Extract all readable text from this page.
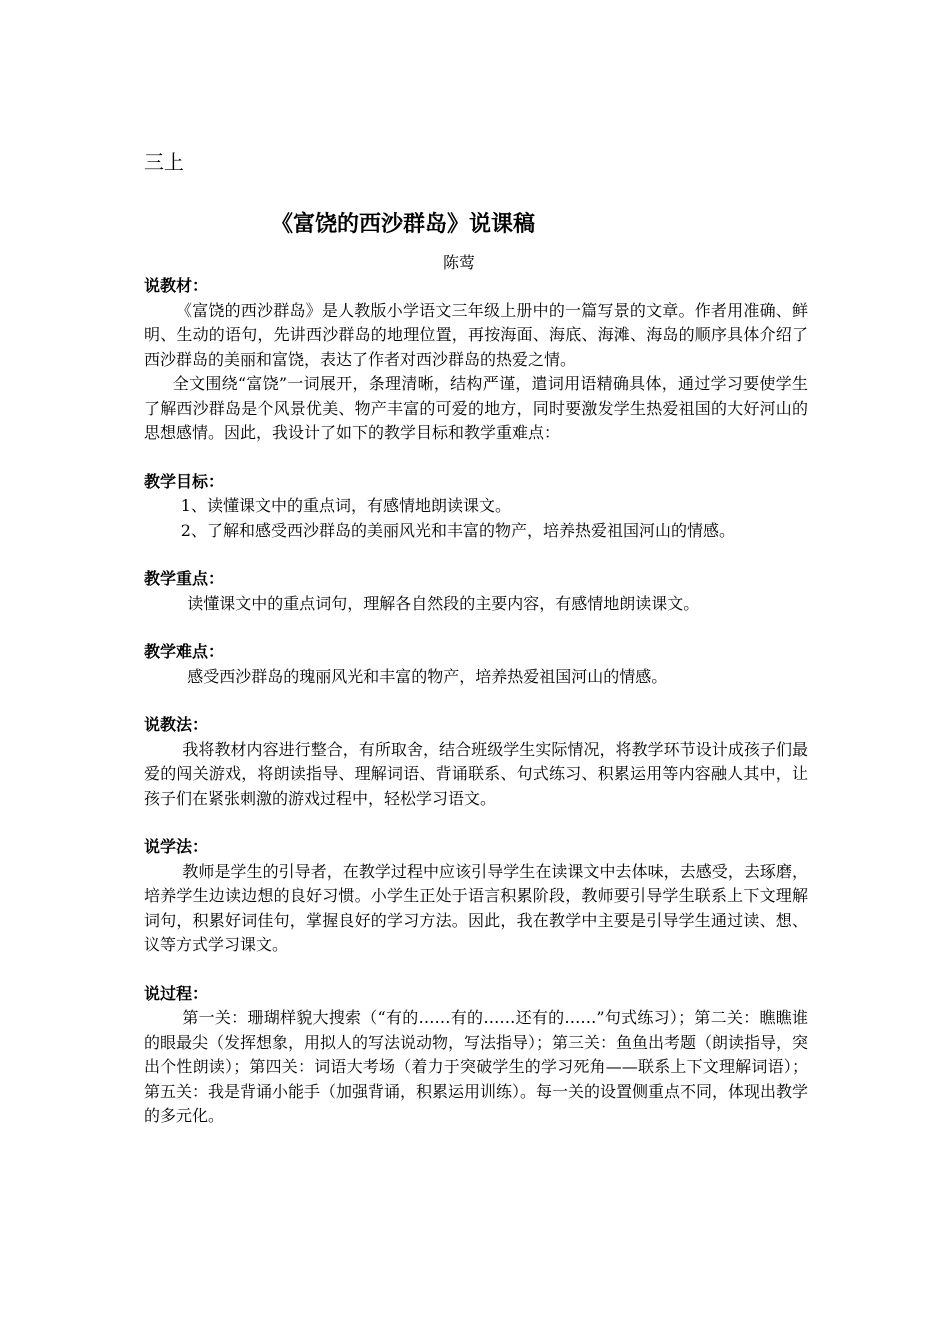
三上
《富饶的西沙群岛》说课稿
陈莺

说教材：

《富饶的西沙群岛》是人教版小学语文三年级上册中的一篇写景的文章。作者用准确、鲜明、生动的语句，先讲西沙群岛的地理位置，再按海面、海底、海滩、海岛的顺序具体介绍了西沙群岛的美丽和富饶，表达了作者对西沙群岛的热爱之情。

全文围绕“富饶”一词展开，条理清晰，结构严谨，遣词用语精确具体，通过学习要使学生了解西沙群岛是个风景优美、物产丰富的可爱的地方，同时要激发学生热爱祖国的大好河山的思想感情。因此，我设计了如下的教学目标和教学重难点：

教学目标：

1、读懂课文中的重点词，有感情地朗读课文。

2、了解和感受西沙群岛的美丽风光和丰富的物产，培养热爱祖国河山的情感。

教学重点：

读懂课文中的重点词句，理解各自然段的主要内容，有感情地朗读课文。

教学难点：

感受西沙群岛的瑰丽风光和丰富的物产，培养热爱祖国河山的情感。

说教法：

我将教材内容进行整合，有所取舍，结合班级学生实际情况，将教学环节设计成孩子们最爱的闯关游戏，将朗读指导、理解词语、背诵联系、句式练习、积累运用等内容融人其中，让孩子们在紧张刺激的游戏过程中，轻松学习语文。

说学法：

教师是学生的引导者，在教学过程中应该引导学生在读课文中去体味，去感受，去琢磨，培养学生边读边想的良好习惯。小学生正处于语言积累阶段，教师要引导学生联系上下文理解词句，积累好词佳句，掌握良好的学习方法。因此，我在教学中主要是引导学生通过读、想、议等方式学习课文。

说过程：

第一关：珊瑚样貌大搜索（“有的……有的……还有的……”句式练习）；第二关：瞧瞧谁的眼最尖（发挥想象，用拟人的写法说动物，写法指导）；第三关：鱼鱼出考题（朗读指导，突出个性朗读）；第四关：词语大考场（着力于突破学生的学习死角——联系上下文理解词语）；第五关：我是背诵小能手（加强背诵，积累运用训练）。每一关的设置侧重点不同，体现出教学的多元化。
